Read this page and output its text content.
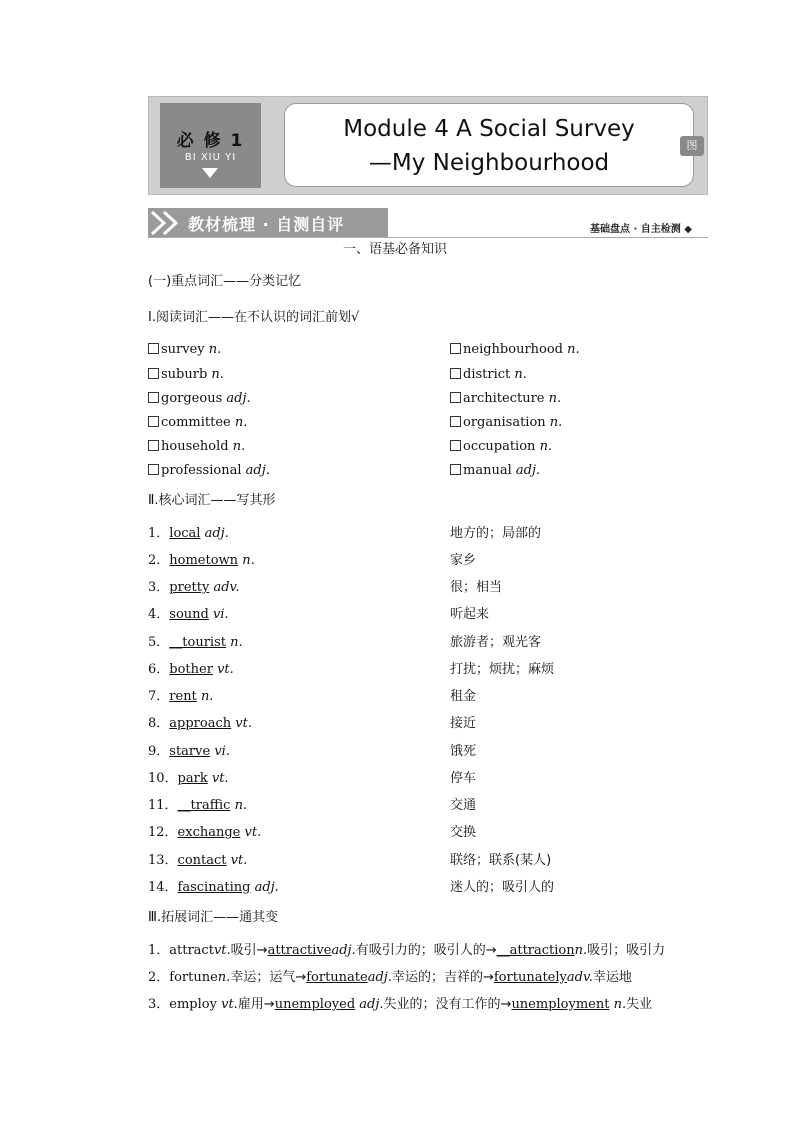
必 修 1
BI XIU YI
Module 4 A Social Survey
—My Neighbourhood
图
教材梳理 · 自测自评	基础盘点 · 自主检测 ◆
一、语基必备知识
(一)重点词汇——分类记忆
Ⅰ.阅读词汇——在不认识的词汇前划√
survey n.	neighbourhood n.
suburb n.	district n.
gorgeous adj.	architecture n.
committee n.	organisation n.
household n.	occupation n.
professional adj.	manual adj.
Ⅱ.核心词汇——写其形
1．local adj.	地方的；局部的
2．hometown n.	家乡
3．pretty adv.	很；相当
4．sound vi.	听起来
5．__tourist n.	旅游者；观光客
6．bother vt.	打扰；烦扰；麻烦
7．rent n.	租金
8．approach vt.	接近
9．starve vi.	饿死
10．park vt.	停车
11．__traffic n.	交通
12．exchange vt.	交换
13．contact vt.	联络；联系(某人)
14．fascinating adj.	迷人的；吸引人的
Ⅲ.拓展词汇——通其变
1．attractvt.吸引→attractiveadj.有吸引力的；吸引人的→__attractionn.吸引；吸引力
2．fortunen.幸运；运气→fortunateadj.幸运的；吉祥的→fortunatelyadv.幸运地
3．employ vt.雇用→unemployed adj.失业的；没有工作的→unemployment n.失业
